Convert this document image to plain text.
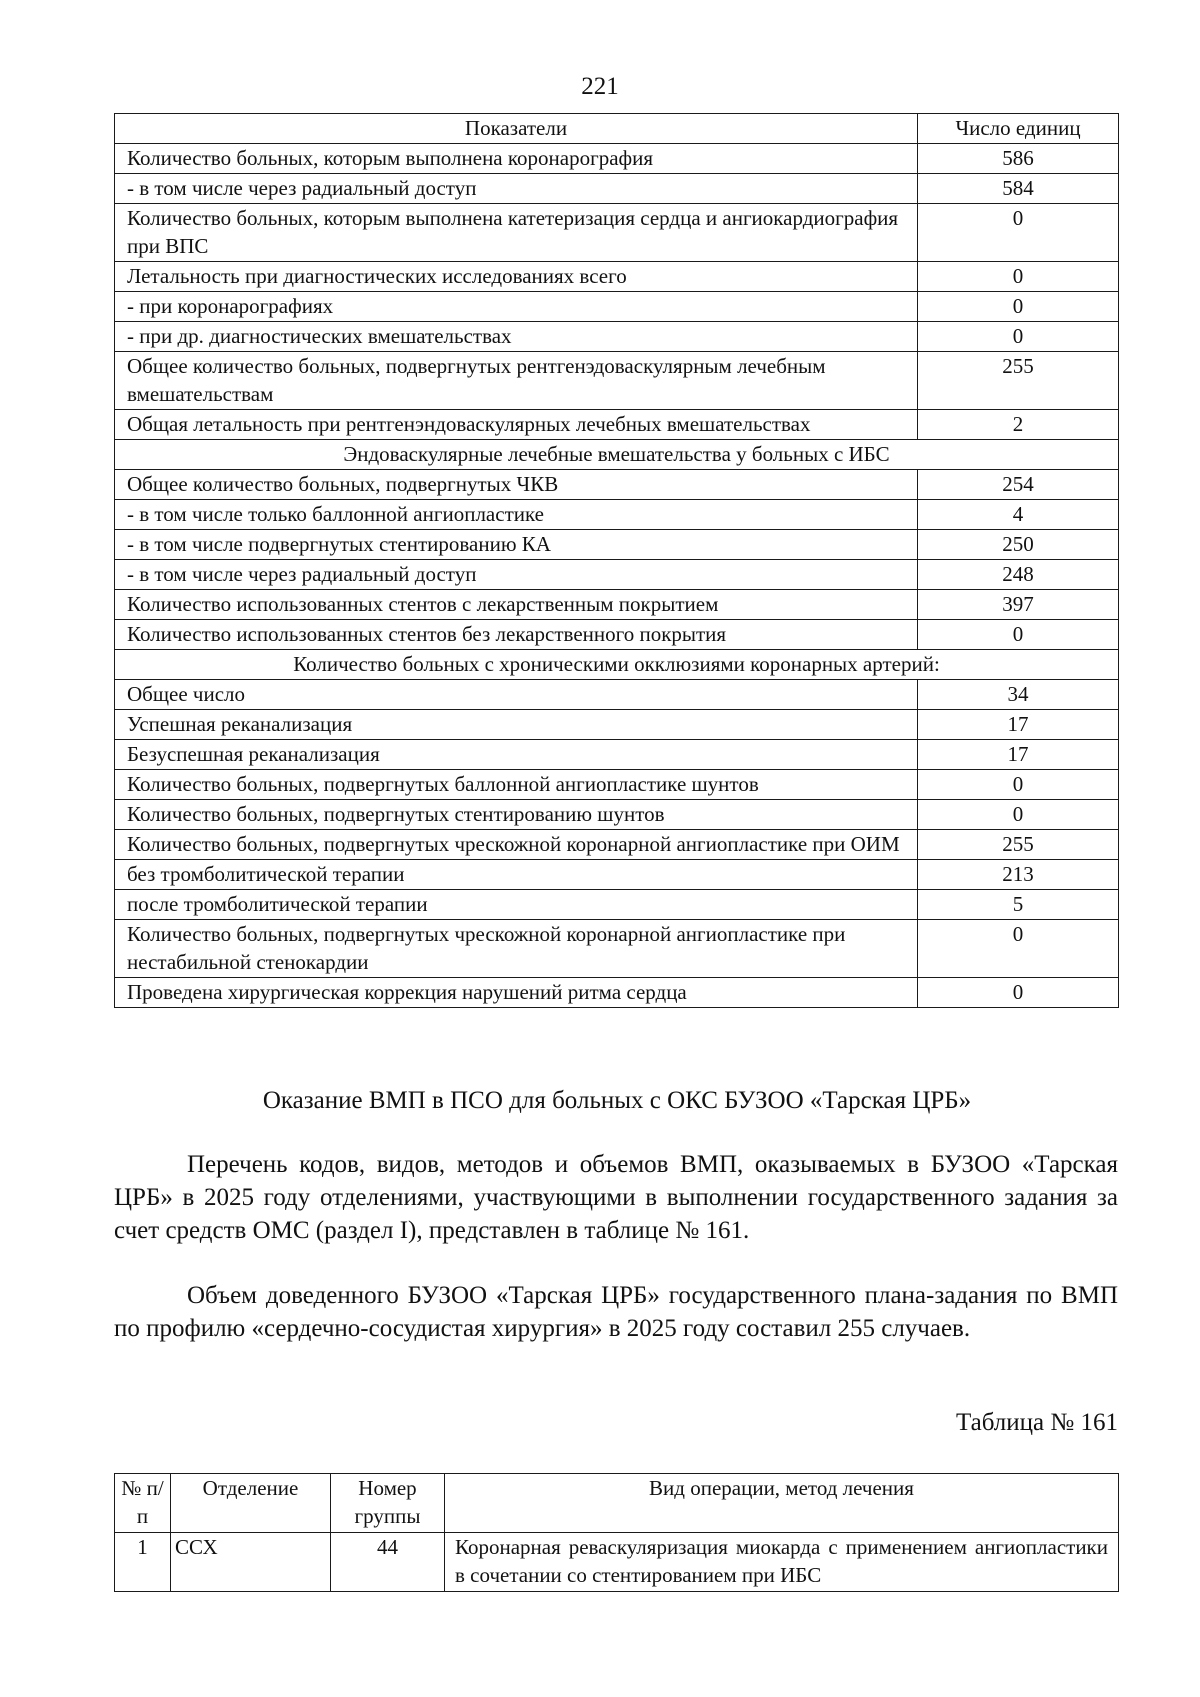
221
Показатели	Число единиц
Количество больных, которым выполнена коронарография	586
- в том числе через радиальный доступ	584
Количество больных, которым выполнена катетеризация сердца и ангиокардиография при ВПС	0
Летальность при диагностических исследованиях всего	0
- при коронарографиях	0
- при др. диагностических вмешательствах	0
Общее количество больных, подвергнутых рентгенэдоваскулярным лечебным вмешательствам	255
Общая летальность при рентгенэндоваскулярных лечебных вмешательствах	2
Эндоваскулярные лечебные вмешательства у больных с ИБС	
Общее количество больных, подвергнутых ЧКВ	254
- в том числе только баллонной ангиопластике	4
- в том числе подвергнутых стентированию КА	250
- в том числе через радиальный доступ	248
Количество использованных стентов с лекарственным покрытием	397
Количество использованных стентов без лекарственного покрытия	0
Количество больных с хроническими окклюзиями коронарных артерий:	
Общее число	34
Успешная реканализация	17
Безуспешная реканализация	17
Количество больных, подвергнутых баллонной ангиопластике шунтов	0
Количество больных, подвергнутых стентированию шунтов	0
Количество больных, подвергнутых чрескожной коронарной ангиопластике при ОИМ	255
без тромболитической терапии	213
после тромболитической терапии	5
Количество больных, подвергнутых чрескожной коронарной ангиопластике при нестабильной стенокардии	0
Проведена хирургическая коррекция нарушений ритма сердца	0
Оказание ВМП в ПСО для больных с ОКС БУЗОО «Тарская ЦРБ»

Перечень кодов, видов, методов и объемов ВМП, оказываемых в БУЗОО «Тарская ЦРБ» в 2025 году отделениями, участвующими в выполнении государственного задания за счет средств ОМС (раздел I), представлен в таблице № 161.

Объем доведенного БУЗОО «Тарская ЦРБ» государственного плана-задания по ВМП по профилю «сердечно-сосудистая хирургия» в 2025 году составил 255 случаев.

Таблица № 161
№ п/п	Отделение	Номер группы	Вид операции, метод лечения
1	ССХ	44	Коронарная реваскуляризация миокарда с применением ангиопластики в сочетании со стентированием при ИБС
